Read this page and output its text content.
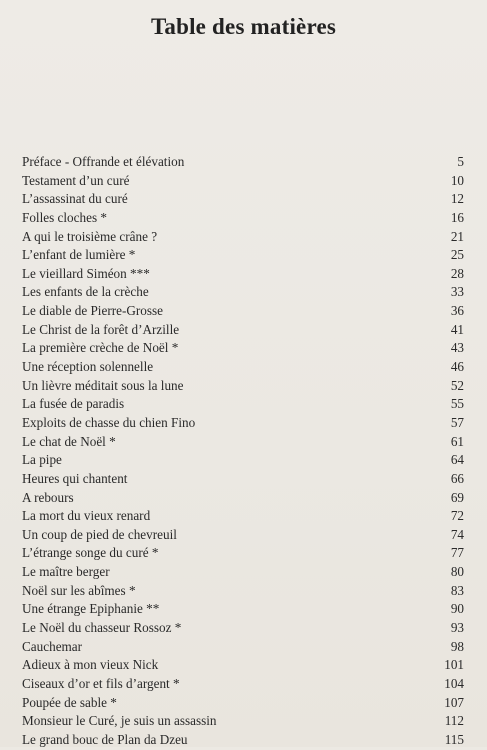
Table des matières
Préface - Offrande et élévation	5
Testament d’un curé	10
L’assassinat du curé	12
Folles cloches *	16
A qui le troisième crâne ?	21
L’enfant de lumière *	25
Le vieillard Siméon ***	28
Les enfants de la crèche	33
Le diable de Pierre-Grosse	36
Le Christ de la forêt d’Arzille	41
La première crèche de Noël *	43
Une réception solennelle	46
Un lièvre méditait sous la lune	52
La fusée de paradis	55
Exploits de chasse du chien Fino	57
Le chat de Noël *	61
La pipe	64
Heures qui chantent	66
A rebours	69
La mort du vieux renard	72
Un coup de pied de chevreuil	74
L’étrange songe du curé *	77
Le maître berger	80
Noël sur les abîmes *	83
Une étrange Epiphanie **	90
Le Noël du chasseur Rossoz *	93
Cauchemar	98
Adieux à mon vieux Nick	101
Ciseaux d’or et fils d’argent *	104
Poupée de sable *	107
Monsieur le Curé, je suis un assassin	112
Le grand bouc de Plan da Dzeu	115
